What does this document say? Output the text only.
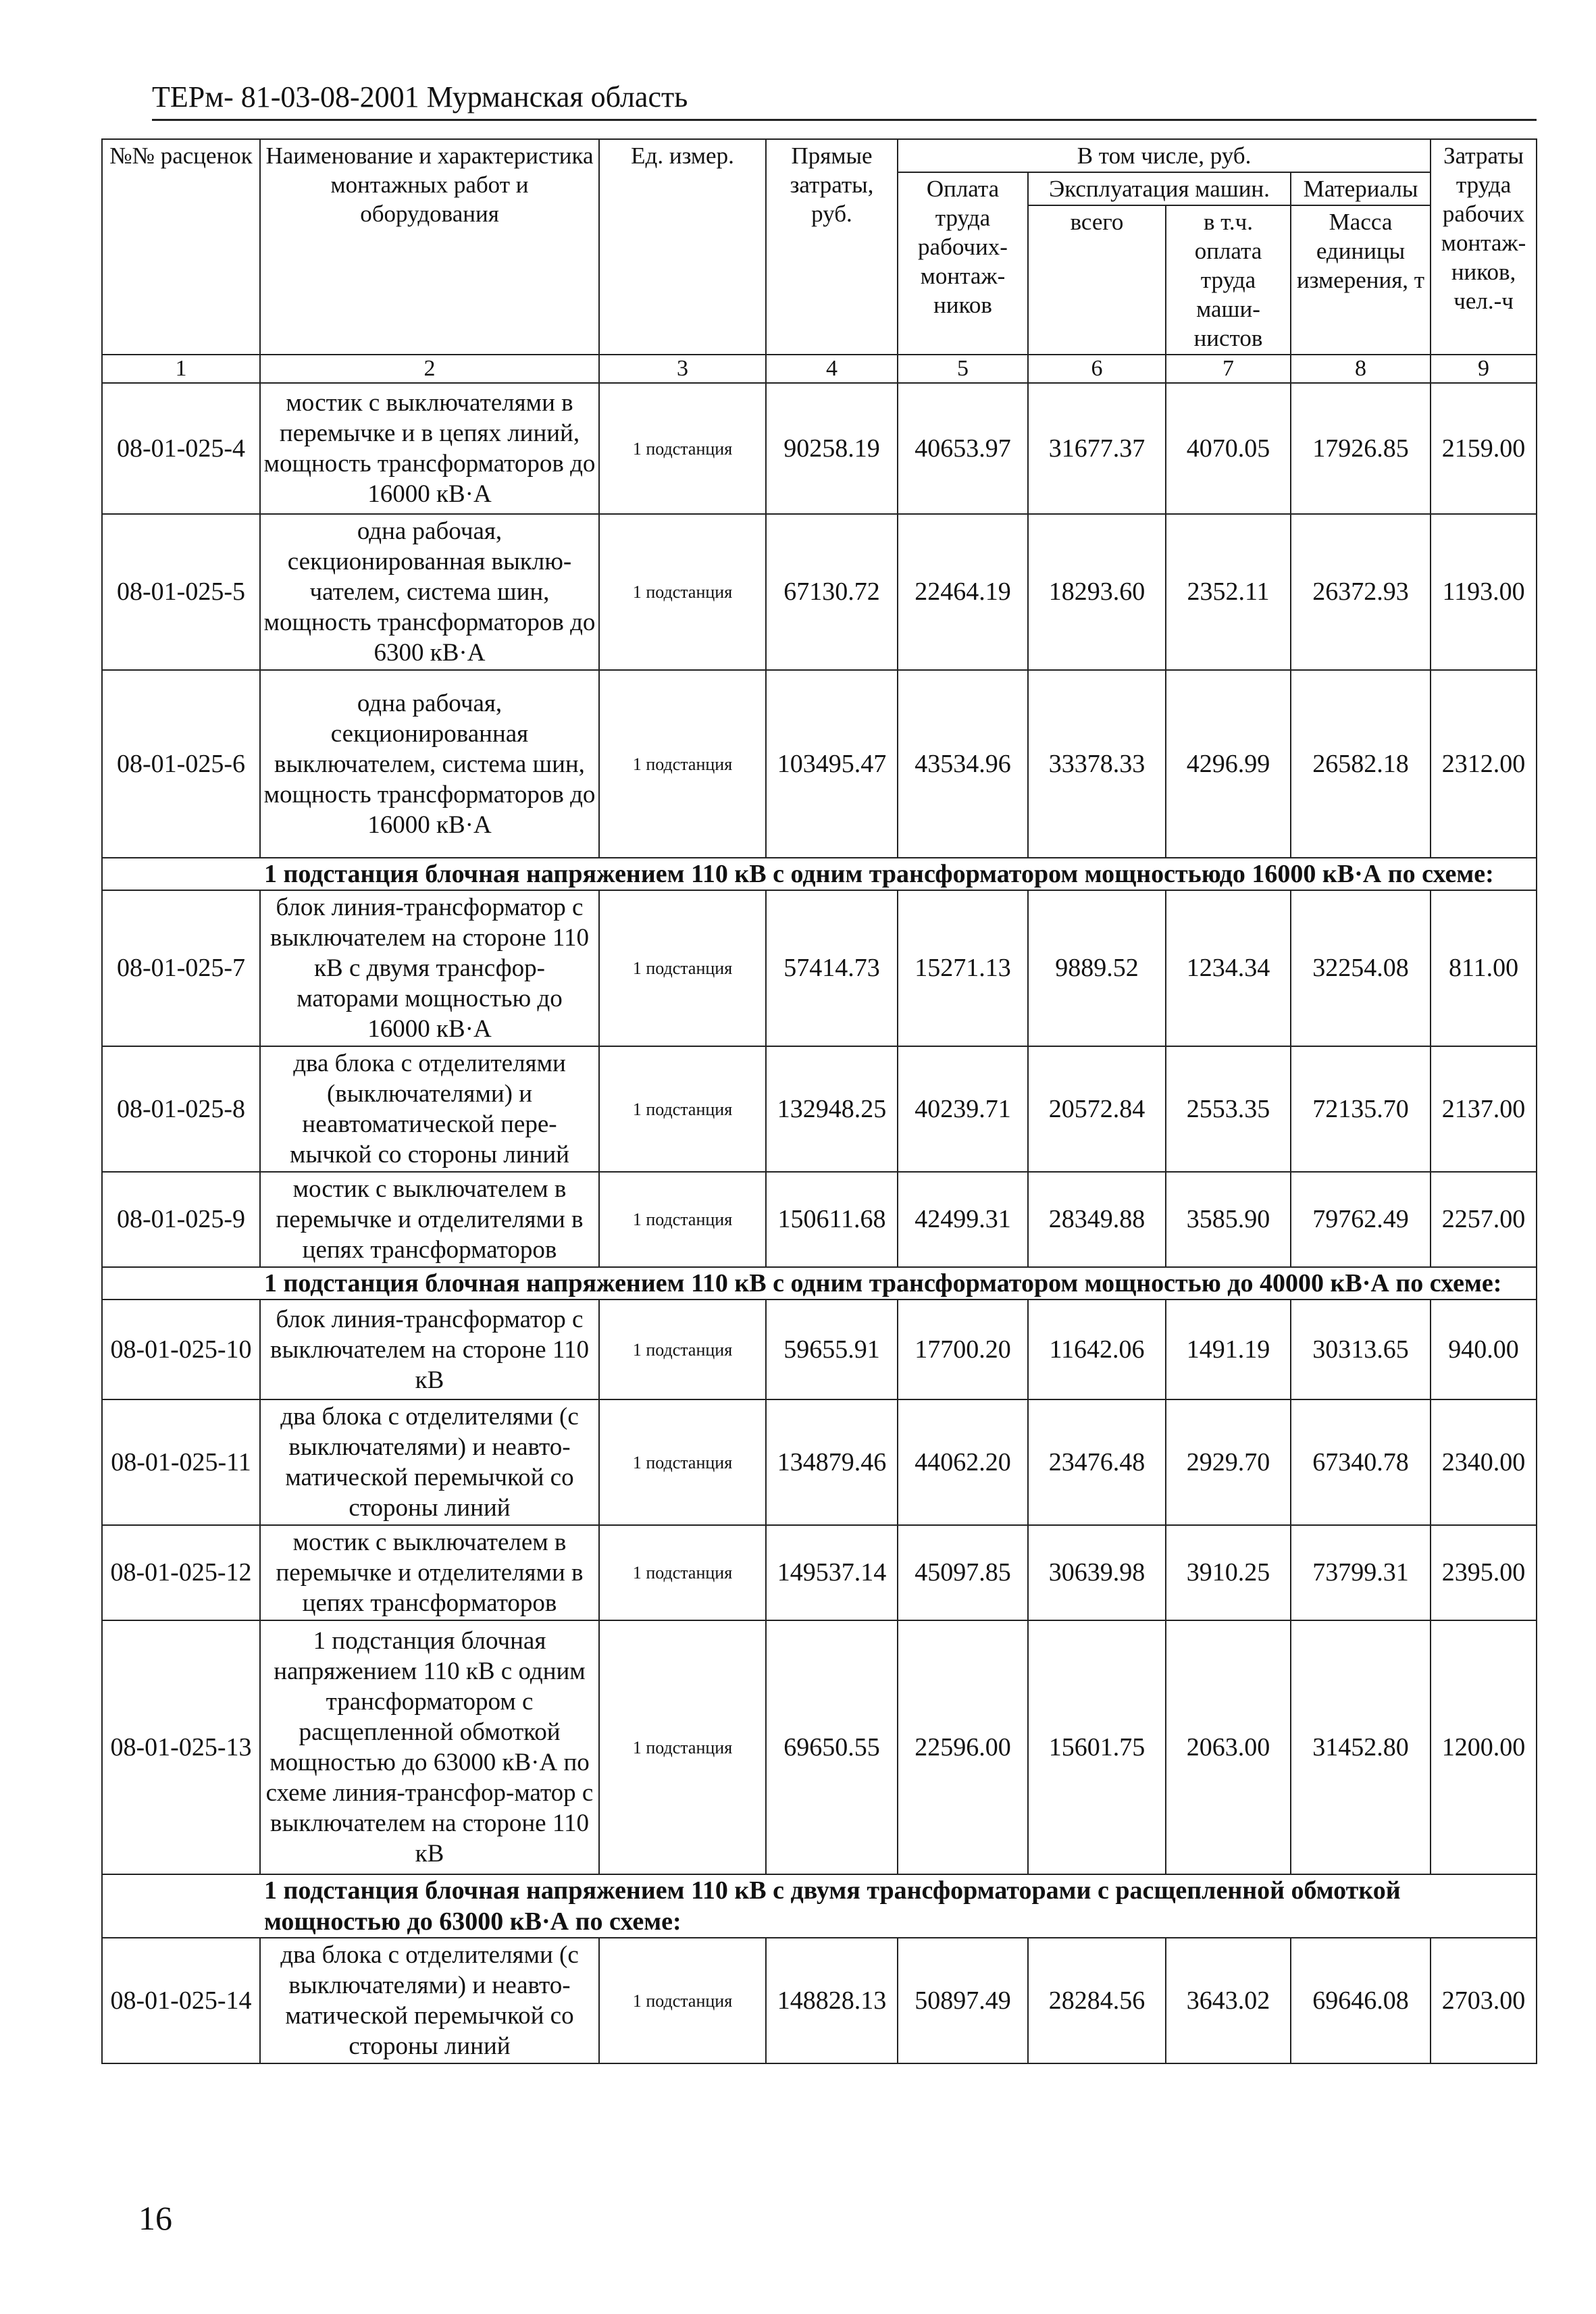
ТЕРм- 81-03-08-2001 Мурманская область
№№ расценок	Наименование и характеристика монтажных работ и оборудования	Ед. измер.	Прямые затраты, руб.	В том числе, руб.				Затраты труда рабочих монтаж-ников, чел.-ч
				Оплата труда рабочих-монтаж-ников	Эксплуатация машин.		Материалы	
					всего	в т.ч. оплата труда маши-нистов	Масса единицы измерения, т	
1	2	3	4	5	6	7	8	9
08-01-025-4	мостик с выключателями в перемычке и в цепях линий, мощность трансформаторов до 16000 кВ·А	1 подстанция	90258.19	40653.97	31677.37	4070.05	17926.85	2159.00
08-01-025-5	одна рабочая, секционированная выклю-чателем, система шин, мощность трансформаторов до 6300 кВ·А	1 подстанция	67130.72	22464.19	18293.60	2352.11	26372.93	1193.00
08-01-025-6	одна рабочая, секционированная выключателем, система шин, мощность трансформаторов до 16000 кВ·А	1 подстанция	103495.47	43534.96	33378.33	4296.99	26582.18	2312.00
	1 подстанция блочная напряжением 110 кВ с одним трансформатором мощностьюдо 16000 кВ·А по схеме:							
08-01-025-7	блок линия-трансформатор с выключателем на стороне 110 кВ с двумя трансфор-маторами мощностью до 16000 кВ·А	1 подстанция	57414.73	15271.13	9889.52	1234.34	32254.08	811.00
08-01-025-8	два блока с отделителями (выключателями) и неавтоматической пере-мычкой со стороны линий	1 подстанция	132948.25	40239.71	20572.84	2553.35	72135.70	2137.00
08-01-025-9	мостик с выключателем в перемычке и отделителями в цепях трансформаторов	1 подстанция	150611.68	42499.31	28349.88	3585.90	79762.49	2257.00
	1 подстанция блочная напряжением 110 кВ с одним трансформатором мощностью до 40000 кВ·А по схеме:							
08-01-025-10	блок линия-трансформатор с выключателем на стороне 110 кВ	1 подстанция	59655.91	17700.20	11642.06	1491.19	30313.65	940.00
08-01-025-11	два блока с отделителями (с выключателями) и неавто-матической перемычкой со стороны линий	1 подстанция	134879.46	44062.20	23476.48	2929.70	67340.78	2340.00
08-01-025-12	мостик с выключателем в перемычке и отделителями в цепях трансформаторов	1 подстанция	149537.14	45097.85	30639.98	3910.25	73799.31	2395.00
08-01-025-13	1 подстанция блочная напряжением 110 кВ с одним трансформатором с расщепленной обмоткой мощностью до 63000 кВ·А по схеме линия-трансфор-матор с выключателем на стороне 110 кВ	1 подстанция	69650.55	22596.00	15601.75	2063.00	31452.80	1200.00
	1 подстанция блочная напряжением 110 кВ с двумя трансформаторами с расщепленной обмоткой мощностью до 63000 кВ·А по схеме:							
08-01-025-14	два блока с отделителями (с выключателями) и неавто-матической перемычкой со стороны линий	1 подстанция	148828.13	50897.49	28284.56	3643.02	69646.08	2703.00
16
